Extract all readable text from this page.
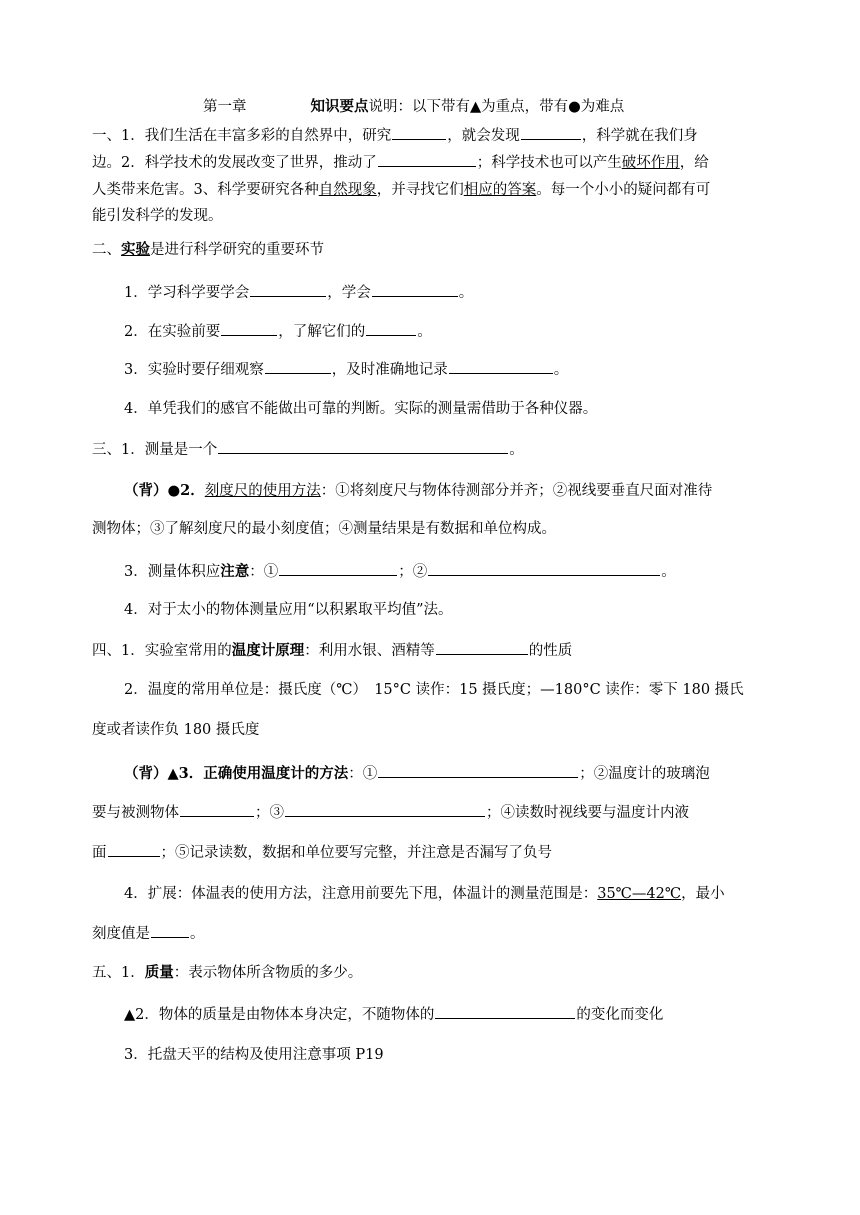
第一章	知识要点说明：以下带有▲为重点，带有●为难点
一、1．我们生活在丰富多彩的自然界中，研究	，就会发现	，科学就在我们身
边。2．科学技术的发展改变了世界，推动了	；科学技术也可以产生破坏作用，给
人类带来危害。3、科学要研究各种自然现象，并寻找它们相应的答案。每一个小小的疑问都有可
能引发科学的发现。
二、实验是进行科学研究的重要环节
1．学习科学要学会	，学会	。
2．在实验前要	，了解它们的	。
3．实验时要仔细观察	，及时准确地记录	。
4．单凭我们的感官不能做出可靠的判断。实际的测量需借助于各种仪器。
三、1．测量是一个	。
（背）●2．刻度尺的使用方法：①将刻度尺与物体待测部分并齐；②视线要垂直尺面对准待
测物体；③了解刻度尺的最小刻度值；④测量结果是有数据和单位构成。
3．测量体积应注意：①	；②	。
4．对于太小的物体测量应用“以积累取平均值”法。
四、1．实验室常用的温度计原理：利用水银、酒精等	的性质
2．温度的常用单位是：摄氏度（℃）　15°C 读作：15 摄氏度；—180°C 读作：零下 180 摄氏
度或者读作负 180 摄氏度
（背）▲3．正确使用温度计的方法：①	；②温度计的玻璃泡
要与被测物体	；③	；④读数时视线要与温度计内液
面	；⑤记录读数，数据和单位要写完整，并注意是否漏写了负号
4．扩展：体温表的使用方法，注意用前要先下甩，体温计的测量范围是：35℃—42℃，最小
刻度值是	。
五、1．质量：表示物体所含物质的多少。
▲2．物体的质量是由物体本身决定，不随物体的	的变化而变化
3．托盘天平的结构及使用注意事项 P19
